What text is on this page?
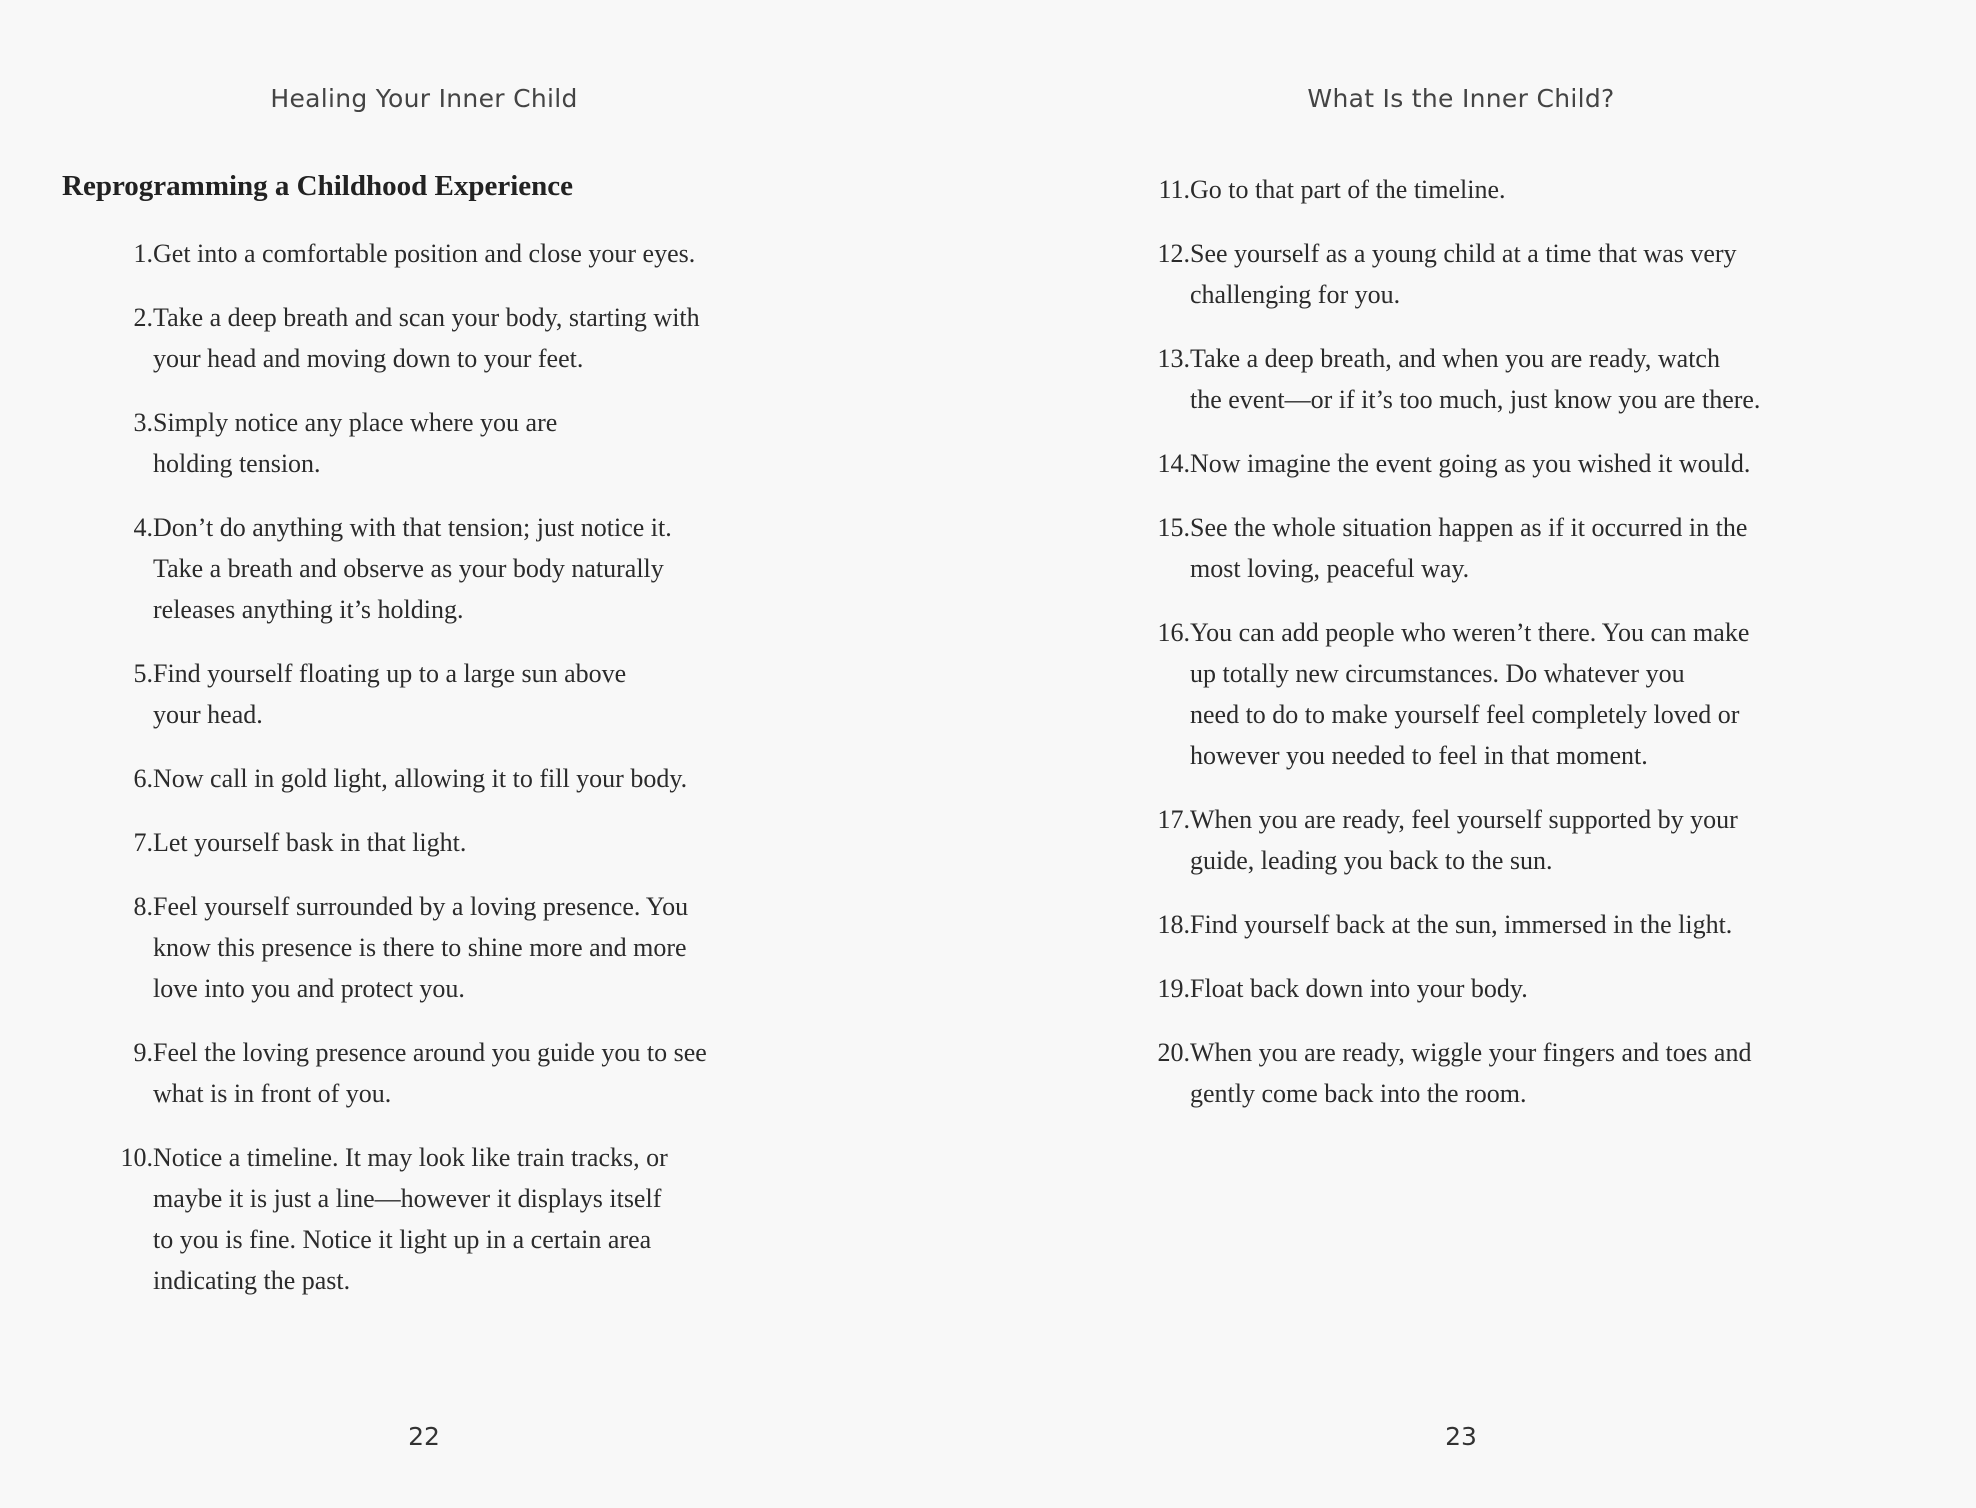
Healing Your Inner Child
Reprogramming a Childhood Experience
1. Get into a comfortable position and close your eyes.
2. Take a deep breath and scan your body, starting with
your head and moving down to your feet.
3. Simply notice any place where you are
holding tension.
4. Don’t do anything with that tension; just notice it.
Take a breath and observe as your body naturally
releases anything it’s holding.
5. Find yourself floating up to a large sun above
your head.
6. Now call in gold light, allowing it to fill your body.
7. Let yourself bask in that light.
8. Feel yourself surrounded by a loving presence. You
know this presence is there to shine more and more
love into you and protect you.
9. Feel the loving presence around you guide you to see
what is in front of you.
10. Notice a timeline. It may look like train tracks, or
maybe it is just a line—however it displays itself
to you is fine. Notice it light up in a certain area
indicating the past.
22
What Is the Inner Child?
11. Go to that part of the timeline.
12. See yourself as a young child at a time that was very
challenging for you.
13. Take a deep breath, and when you are ready, watch
the event—or if it’s too much, just know you are there.
14. Now imagine the event going as you wished it would.
15. See the whole situation happen as if it occurred in the
most loving, peaceful way.
16. You can add people who weren’t there. You can make
up totally new circumstances. Do whatever you
need to do to make yourself feel completely loved or
however you needed to feel in that moment.
17. When you are ready, feel yourself supported by your
guide, leading you back to the sun.
18. Find yourself back at the sun, immersed in the light.
19. Float back down into your body.
20. When you are ready, wiggle your fingers and toes and
gently come back into the room.
23
